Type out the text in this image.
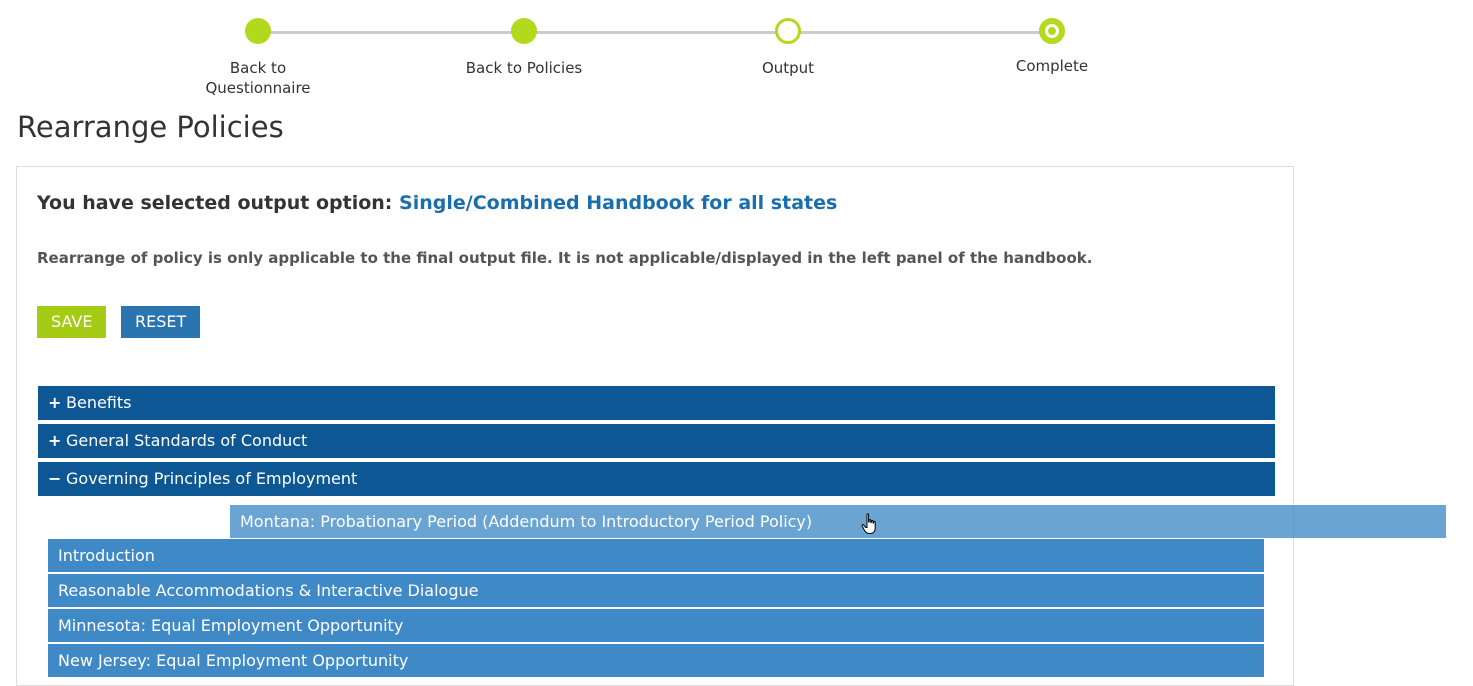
Back to
Questionnaire
Back to Policies	Output	Complete
Rearrange Policies
You have selected output option: Single/Combined Handbook for all states
Rearrange of policy is only applicable to the final output file. It is not applicable/displayed in the left panel of the handbook.
SAVE	RESET
+ Benefits
+ General Standards of Conduct
− Governing Principles of Employment
Introduction
Reasonable Accommodations & Interactive Dialogue
Minnesota: Equal Employment Opportunity
New Jersey: Equal Employment Opportunity
Montana: Probationary Period (Addendum to Introductory Period Policy)
